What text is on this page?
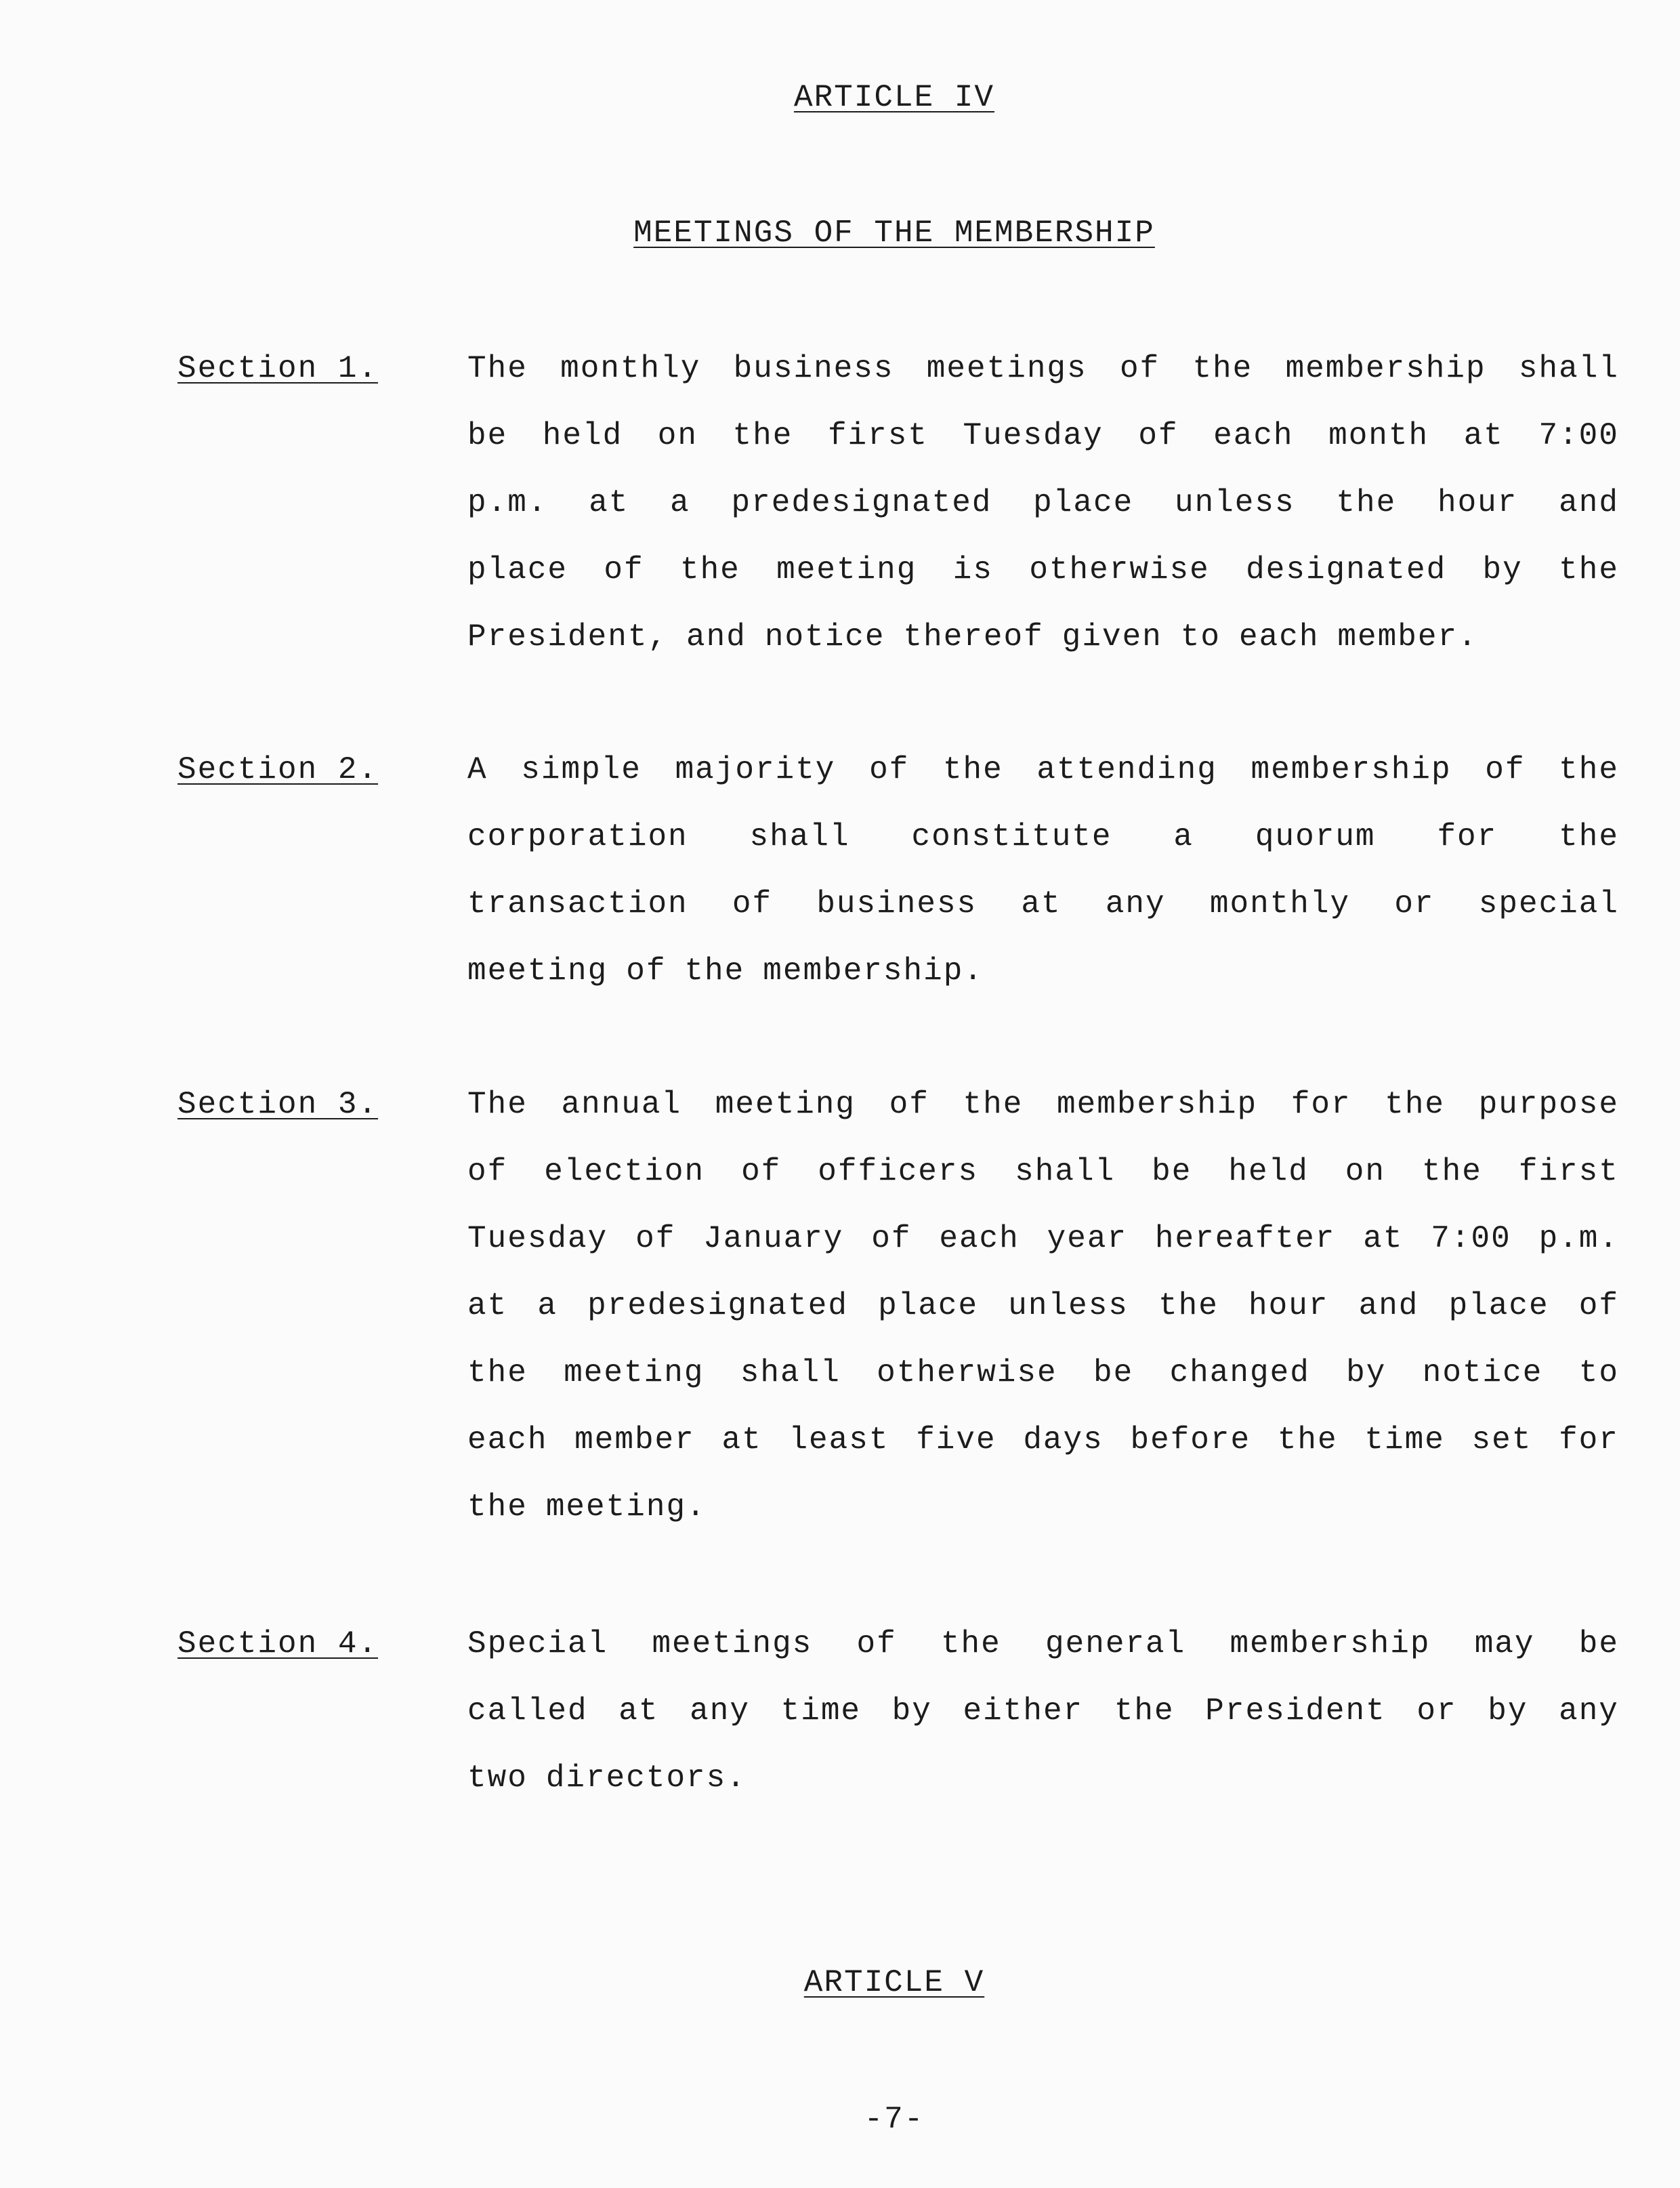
ARTICLE IV
MEETINGS OF THE MEMBERSHIP
Section 1.	The monthly business meetings of the membership shall
be held on the first Tuesday of each month at 7:00
p.m. at a predesignated place unless the hour and
place of the meeting is otherwise designated by the
President, and notice thereof given to each member.
Section 2.	A simple majority of the attending membership of the
corporation shall constitute a quorum for the
transaction of business at any monthly or special
meeting of the membership.
Section 3.	The annual meeting of the membership for the purpose
of election of officers shall be held on the first
Tuesday of January of each year hereafter at 7:00 p.m.
at a predesignated place unless the hour and place of
the meeting shall otherwise be changed by notice to
each member at least five days before the time set for
the meeting.
Section 4.	Special meetings of the general membership may be
called at any time by either the President or by any
two directors.
ARTICLE V
-7-
